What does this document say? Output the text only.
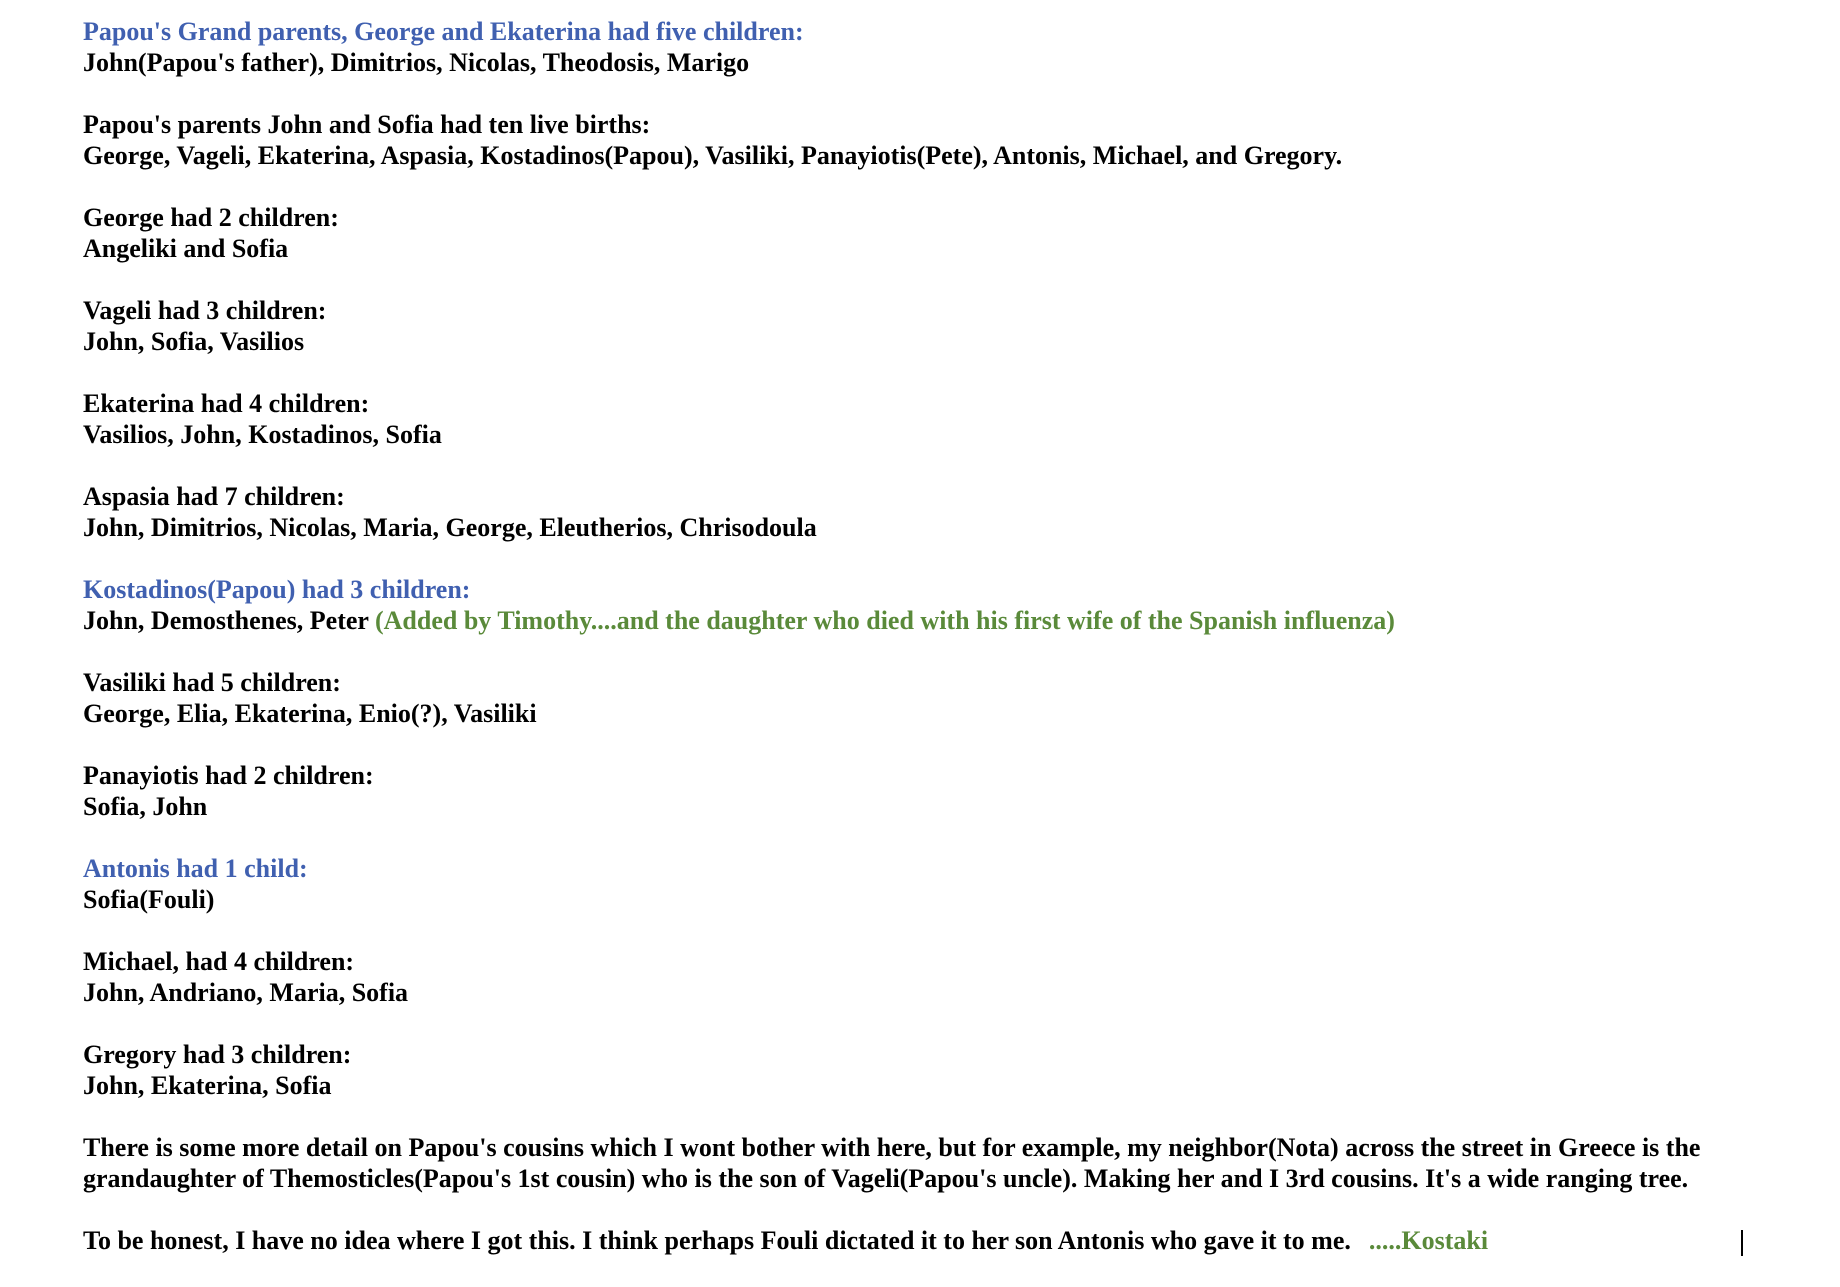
Papou's Grand parents, George and Ekaterina had five children:
John(Papou's father), Dimitrios, Nicolas, Theodosis, Marigo
Papou's parents John and Sofia had ten live births:
George, Vageli, Ekaterina, Aspasia, Kostadinos(Papou), Vasiliki, Panayiotis(Pete), Antonis, Michael, and Gregory.
George had 2 children:
Angeliki and Sofia
Vageli had 3 children:
John, Sofia, Vasilios
Ekaterina had 4 children:
Vasilios, John, Kostadinos, Sofia
Aspasia had 7 children:
John, Dimitrios, Nicolas, Maria, George, Eleutherios, Chrisodoula
Kostadinos(Papou) had 3 children:
John, Demosthenes, Peter (Added by Timothy....and the daughter who died with his first wife of the Spanish influenza)
Vasiliki had 5 children:
George, Elia, Ekaterina, Enio(?), Vasiliki
Panayiotis had 2 children:
Sofia, John
Antonis had 1 child:
Sofia(Fouli)
Michael, had 4 children:
John, Andriano, Maria, Sofia
Gregory had 3 children:
John, Ekaterina, Sofia
There is some more detail on Papou's cousins which I wont bother with here, but for example, my neighbor(Nota) across the street in Greece is the
grandaughter of Themosticles(Papou's 1st cousin) who is the son of Vageli(Papou's uncle). Making her and I 3rd cousins. It's a wide ranging tree.
To be honest, I have no idea where I got this. I think perhaps Fouli dictated it to her son Antonis who gave it to me. .....Kostaki
